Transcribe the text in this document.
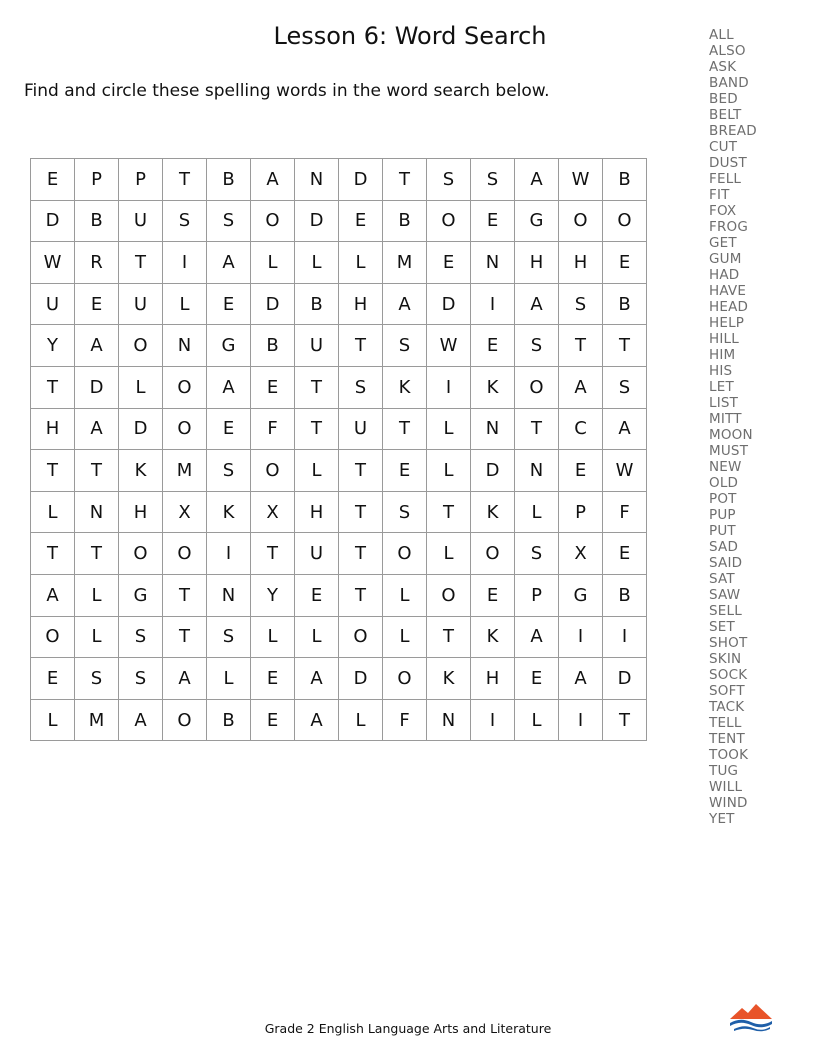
Lesson 6: Word Search
Find and circle these spelling words in the word search below.
E	P	P	T	B	A	N	D	T	S	S	A	W	B
D	B	U	S	S	O	D	E	B	O	E	G	O	O
W	R	T	I	A	L	L	L	M	E	N	H	H	E
U	E	U	L	E	D	B	H	A	D	I	A	S	B
Y	A	O	N	G	B	U	T	S	W	E	S	T	T
T	D	L	O	A	E	T	S	K	I	K	O	A	S
H	A	D	O	E	F	T	U	T	L	N	T	C	A
T	T	K	M	S	O	L	T	E	L	D	N	E	W
L	N	H	X	K	X	H	T	S	T	K	L	P	F
T	T	O	O	I	T	U	T	O	L	O	S	X	E
A	L	G	T	N	Y	E	T	L	O	E	P	G	B
O	L	S	T	S	L	L	O	L	T	K	A	I	I
E	S	S	A	L	E	A	D	O	K	H	E	A	D
L	M	A	O	B	E	A	L	F	N	I	L	I	T
ALL
ALSO
ASK
BAND
BED
BELT
BREAD
CUT
DUST
FELL
FIT
FOX
FROG
GET
GUM
HAD
HAVE
HEAD
HELP
HILL
HIM
HIS
LET
LIST
MITT
MOON
MUST
NEW
OLD
POT
PUP
PUT
SAD
SAID
SAT
SAW
SELL
SET
SHOT
SKIN
SOCK
SOFT
TACK
TELL
TENT
TOOK
TUG
WILL
WIND
YET
Grade 2 English Language Arts and Literature
